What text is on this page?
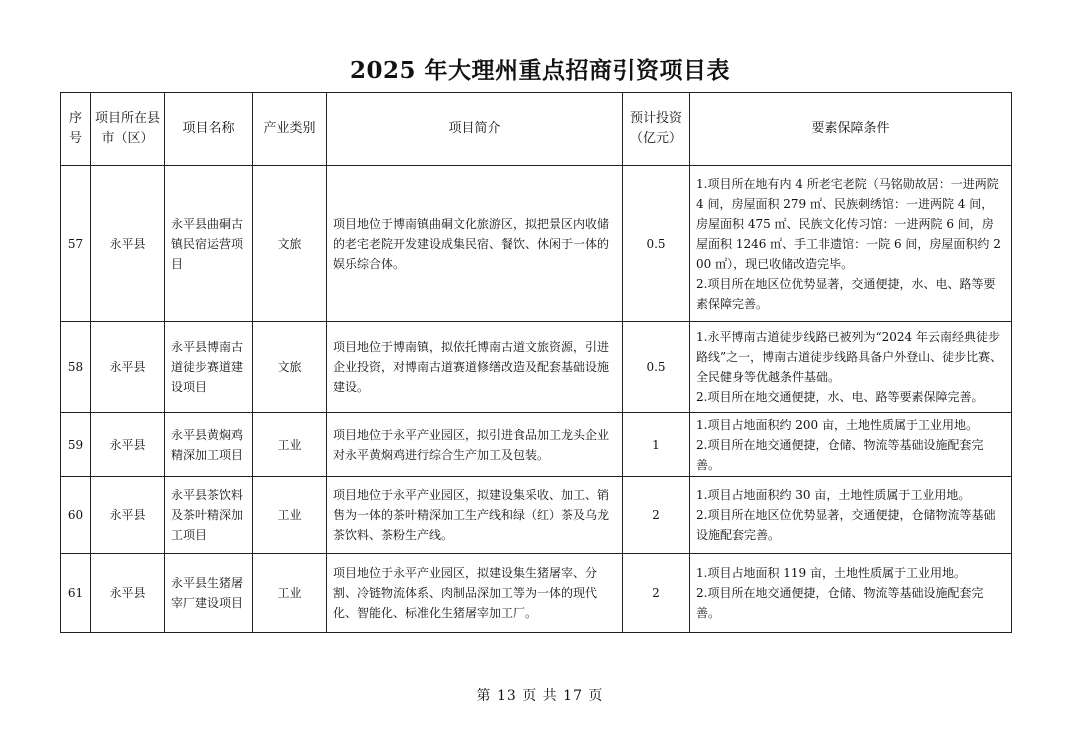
2025 年大理州重点招商引资项目表
序号	项目所在县市（区）	项目名称	产业类别	项目简介	预计投资（亿元）	要素保障条件
57	永平县	永平县曲硐古镇民宿运营项目	文旅	项目地位于博南镇曲硐文化旅游区，拟把景区内收储的老宅老院开发建设成集民宿、餐饮、休闲于一体的娱乐综合体。	0.5	1.项目所在地有内 4 所老宅老院（马铭勋故居：一进两院 4 间，房屋面积 279 ㎡、民族刺绣馆：一进两院 4 间，房屋面积 475 ㎡、民族文化传习馆：一进两院 6 间，房屋面积 1246 ㎡、手工非遗馆：一院 6 间，房屋面积约 200 ㎡），现已收储改造完毕。
2.项目所在地区位优势显著，交通便捷，水、电、路等要素保障完善。

58	永平县	永平县博南古道徒步赛道建设项目	文旅	项目地位于博南镇，拟依托博南古道文旅资源，引进企业投资，对博南古道赛道修缮改造及配套基础设施建设。	0.5	1.永平博南古道徒步线路已被列为“2024 年云南经典徒步路线”之一，博南古道徒步线路具备户外登山、徒步比赛、全民健身等优越条件基础。
2.项目所在地交通便捷，水、电、路等要素保障完善。

59	永平县	永平县黄焖鸡精深加工项目	工业	项目地位于永平产业园区，拟引进食品加工龙头企业对永平黄焖鸡进行综合生产加工及包装。	1	1.项目占地面积约 200 亩，土地性质属于工业用地。
2.项目所在地交通便捷，仓储、物流等基础设施配套完善。

60	永平县	永平县茶饮料及茶叶精深加工项目	工业	项目地位于永平产业园区，拟建设集采收、加工、销售为一体的茶叶精深加工生产线和绿（红）茶及乌龙茶饮料、茶粉生产线。	2	1.项目占地面积约 30 亩，土地性质属于工业用地。
2.项目所在地区位优势显著，交通便捷，仓储物流等基础设施配套完善。

61	永平县	永平县生猪屠宰厂建设项目	工业	项目地位于永平产业园区，拟建设集生猪屠宰、分割、冷链物流体系、肉制品深加工等为一体的现代化、智能化、标准化生猪屠宰加工厂。	2	1.项目占地面积 119 亩，土地性质属于工业用地。
2.项目所在地交通便捷，仓储、物流等基础设施配套完善。
第 13 页 共 17 页
